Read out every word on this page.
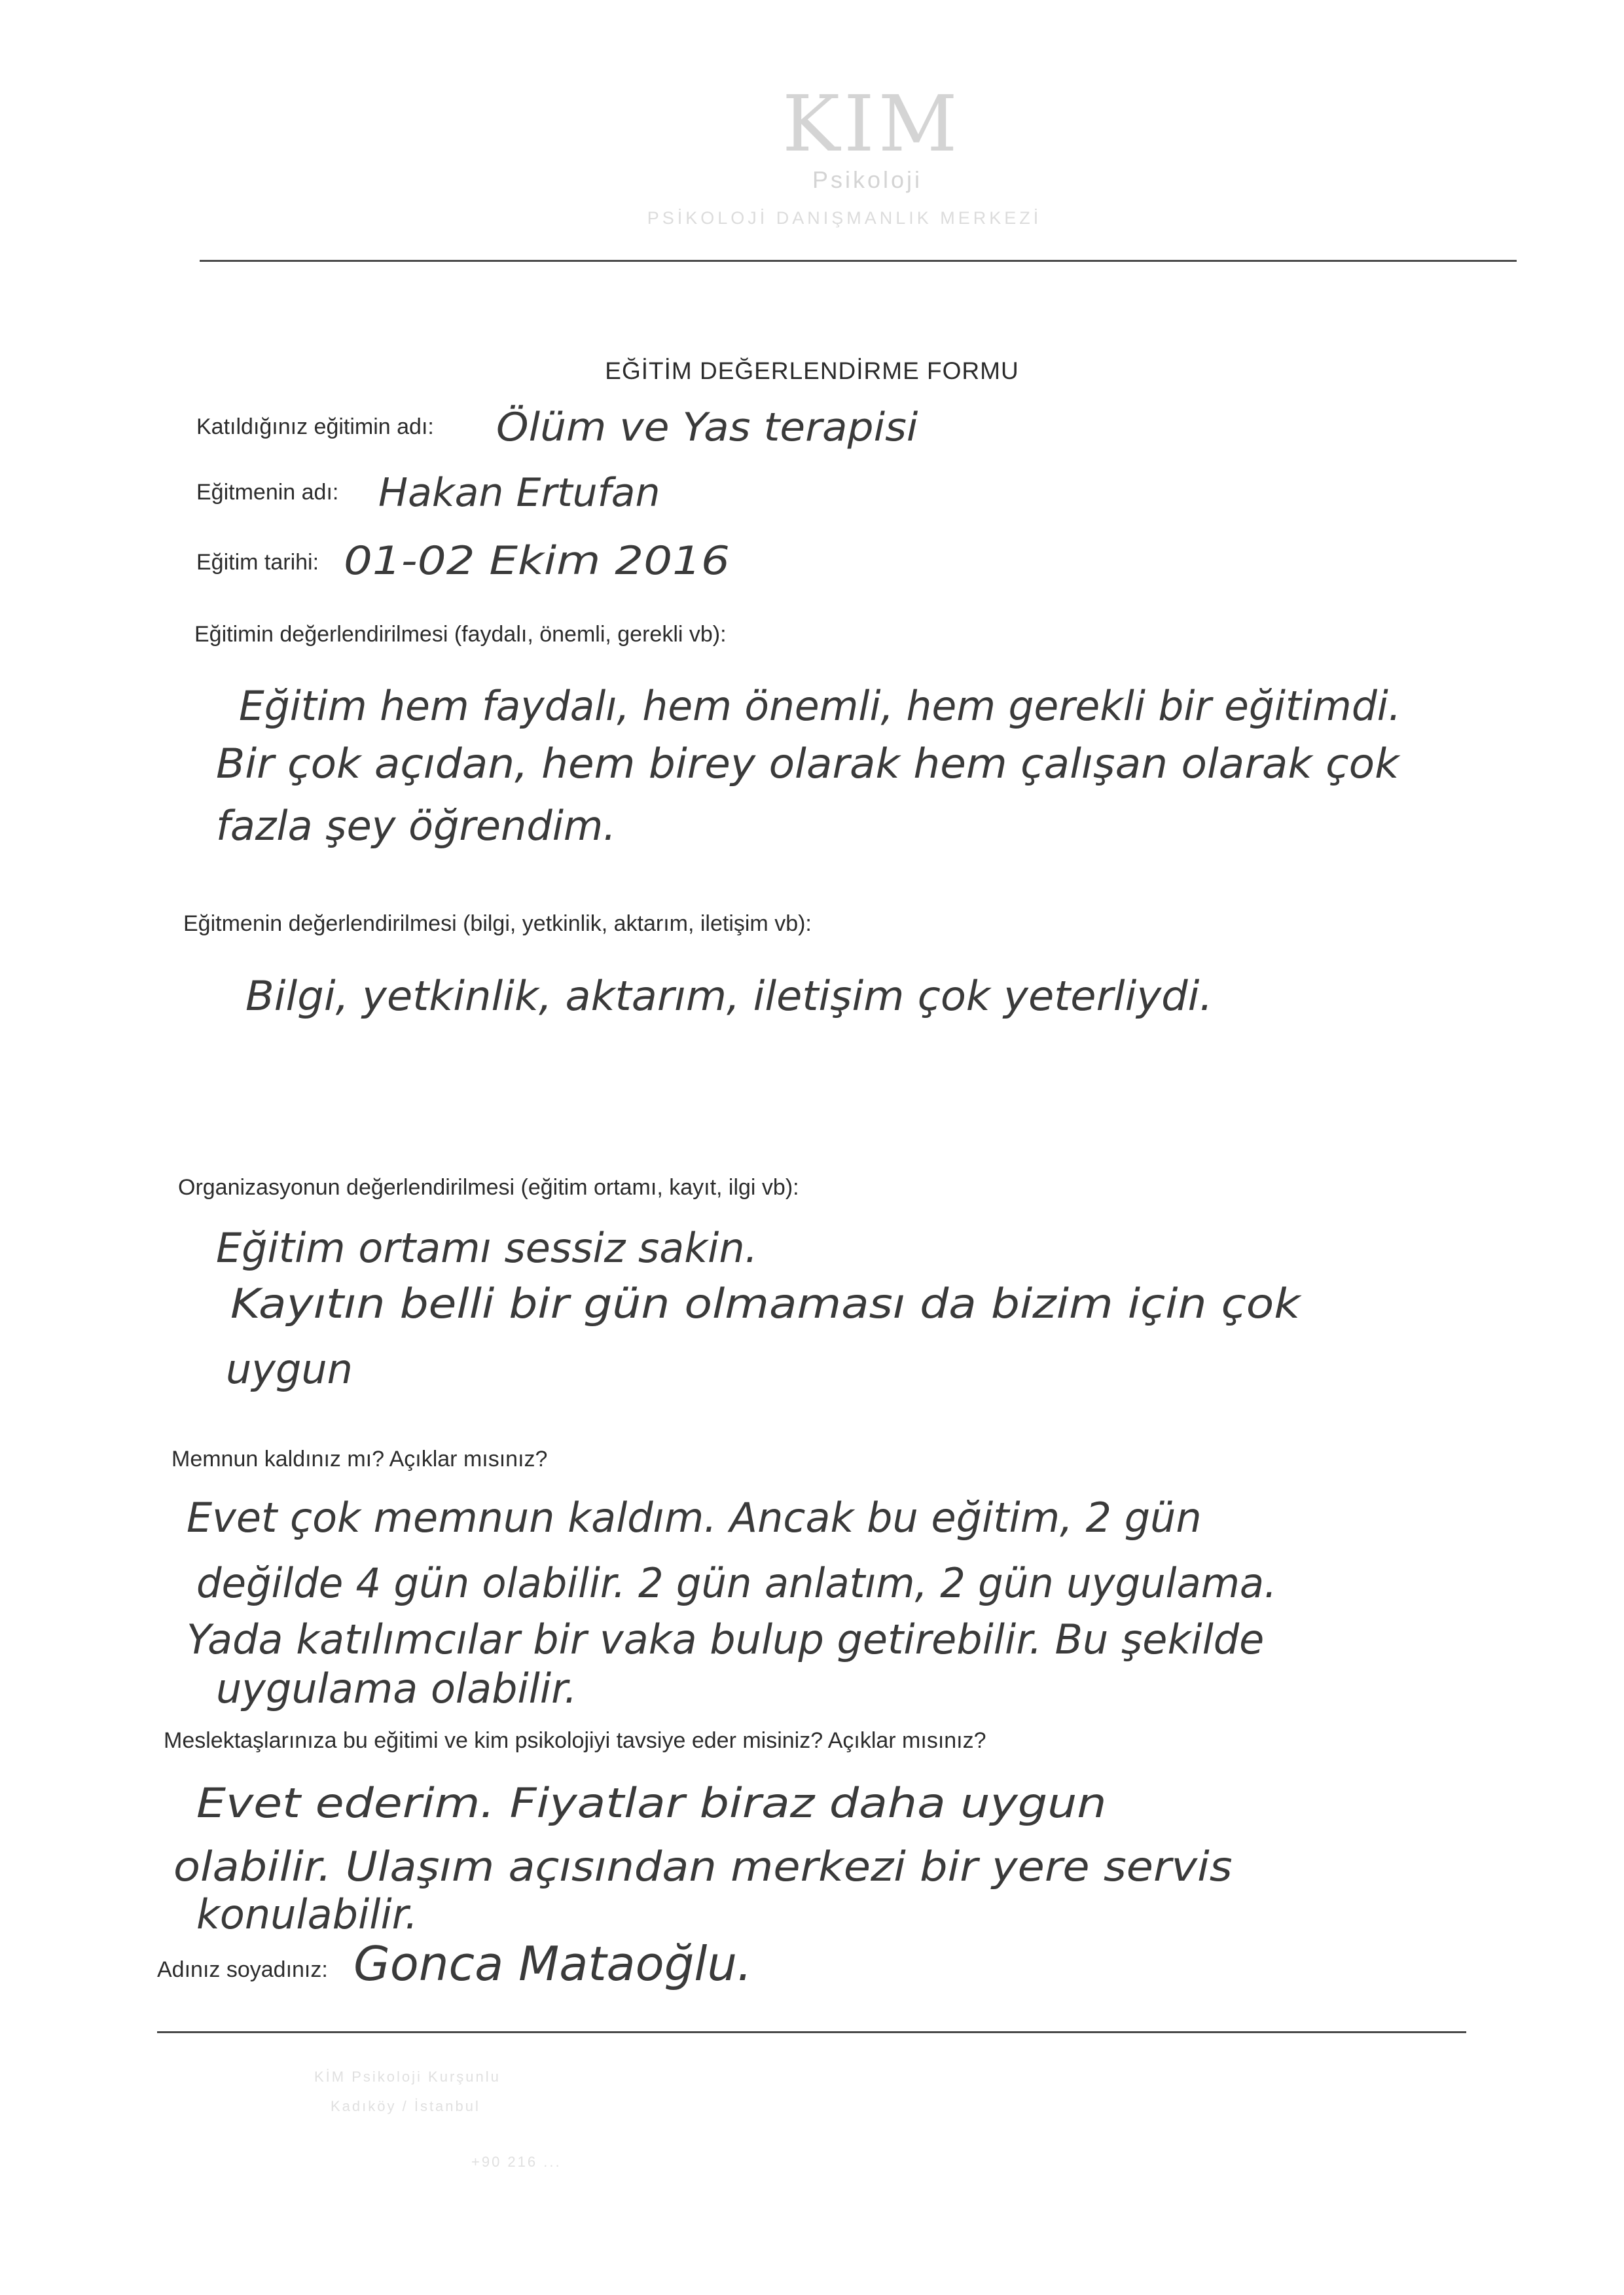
KIM
Psikoloji
PSİKOLOJİ DANIŞMANLIK MERKEZİ
EĞİTİM DEĞERLENDİRME FORMU
Katıldığınız eğitimin adı: Ölüm ve Yas terapisi
Eğitmenin adı: Hakan Ertufan
Eğitim tarihi: 01-02 Ekim 2016
Eğitimin değerlendirilmesi (faydalı, önemli, gerekli vb):
Eğitim hem faydalı, hem önemli, hem gerekli bir eğitimdi.
Bir çok açıdan, hem birey olarak hem çalışan olarak çok
fazla şey öğrendim.
Eğitmenin değerlendirilmesi (bilgi, yetkinlik, aktarım, iletişim vb):
Bilgi, yetkinlik, aktarım, iletişim çok yeterliydi.
Organizasyonun değerlendirilmesi (eğitim ortamı, kayıt, ilgi vb):
Eğitim ortamı sessiz sakin.
Kayıtın belli bir gün olmaması da bizim için çok
uygun
Memnun kaldınız mı? Açıklar mısınız?
Evet çok memnun kaldım. Ancak bu eğitim, 2 gün
değilde 4 gün olabilir. 2 gün anlatım, 2 gün uygulama.
Yada katılımcılar bir vaka bulup getirebilir. Bu şekilde
uygulama olabilir.
Meslektaşlarınıza bu eğitimi ve kim psikolojiyi tavsiye eder misiniz? Açıklar mısınız?
Evet ederim. Fiyatlar biraz daha uygun
olabilir. Ulaşım açısından merkezi bir yere servis
konulabilir.
Adınız soyadınız: Gonca Mataoğlu.
KİM Psikoloji Kurşunlu
Kadıköy / İstanbul
+90 216 ...
